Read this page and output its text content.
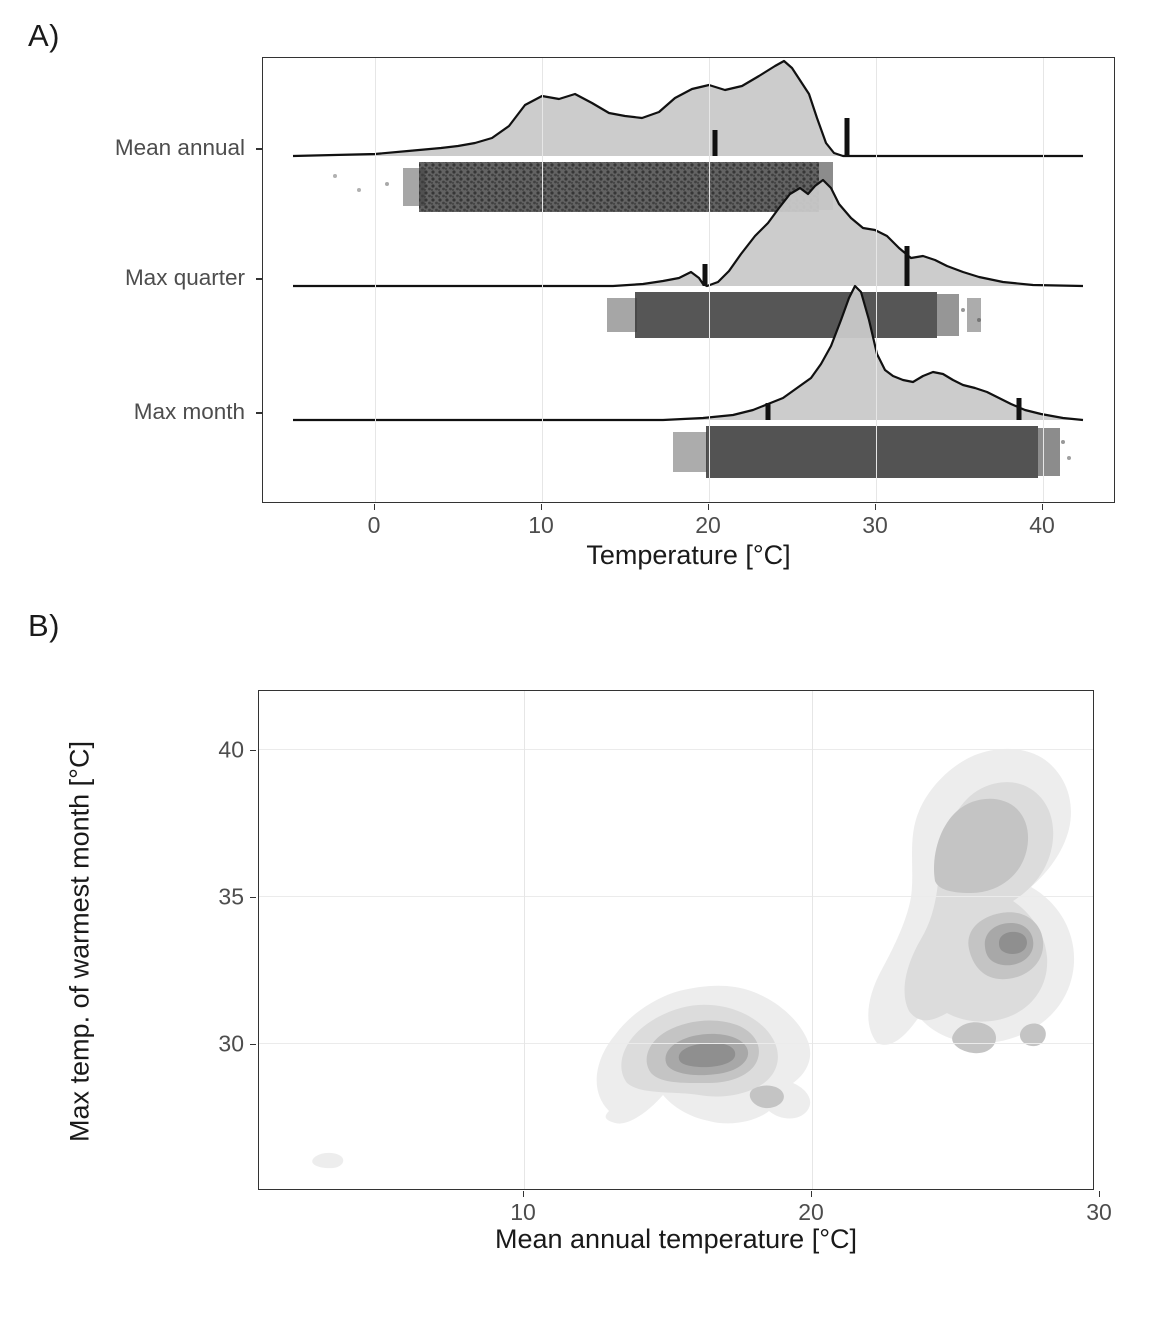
A)
Mean annual
Max quarter
Max month
0	10	20	30	40
Temperature [°C]
B)
30
35
40
10	20	30
Mean annual temperature [°C]
Max temp. of warmest month [°C]
